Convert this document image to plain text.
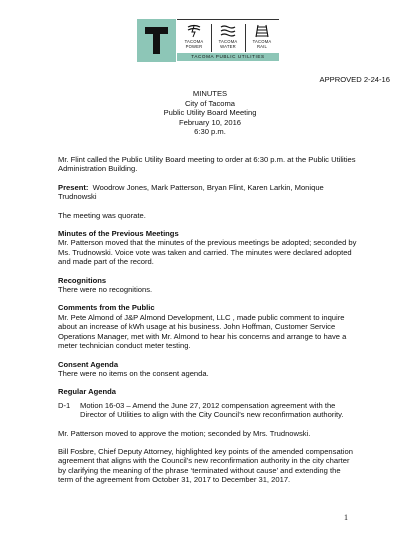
TACOMA
POWER
TACOMA
WATER
TACOMA
RAIL
TACOMA PUBLIC UTILITIES
APPROVED 2-24-16
MINUTES
City of Tacoma
Public Utility Board Meeting
February 10, 2016
6:30 p.m.

Mr. Flint called the Public Utility Board meeting to order at 6:30 p.m. at the Public Utilities
Administration Building.

Present:  Woodrow Jones, Mark Patterson, Bryan Flint, Karen Larkin, Monique
Trudnowski

The meeting was quorate.

Minutes of the Previous Meetings
Mr. Patterson moved that the minutes of the previous meetings be adopted; seconded by
Ms. Trudnowski. Voice vote was taken and carried. The minutes were declared adopted
and made part of the record.

Recognitions
There were no recognitions.

Comments from the Public
Mr. Pete Almond of J&P Almond Development, LLC , made public comment to inquire
about an increase of kWh usage at his business. John Hoffman, Customer Service
Operations Manager, met with Mr. Almond to hear his concerns and arrange to have a
meter technician conduct meter testing.

Consent Agenda
There were no items on the consent agenda.

Regular Agenda

D-1	Motion 16-03 – Amend the June 27, 2012 compensation agreement with the
Director of Utilities to align with the City Council’s new reconfirmation authority.

Mr. Patterson moved to approve the motion; seconded by Mrs. Trudnowski.

Bill Fosbre, Chief Deputy Attorney, highlighted key points of the amended compensation
agreement that aligns with the Council’s new reconfirmation authority in the city charter
by clarifying the meaning of the phrase ‘terminated without cause’ and extending the
term of the agreement from October 31, 2017 to December 31, 2017.

1
